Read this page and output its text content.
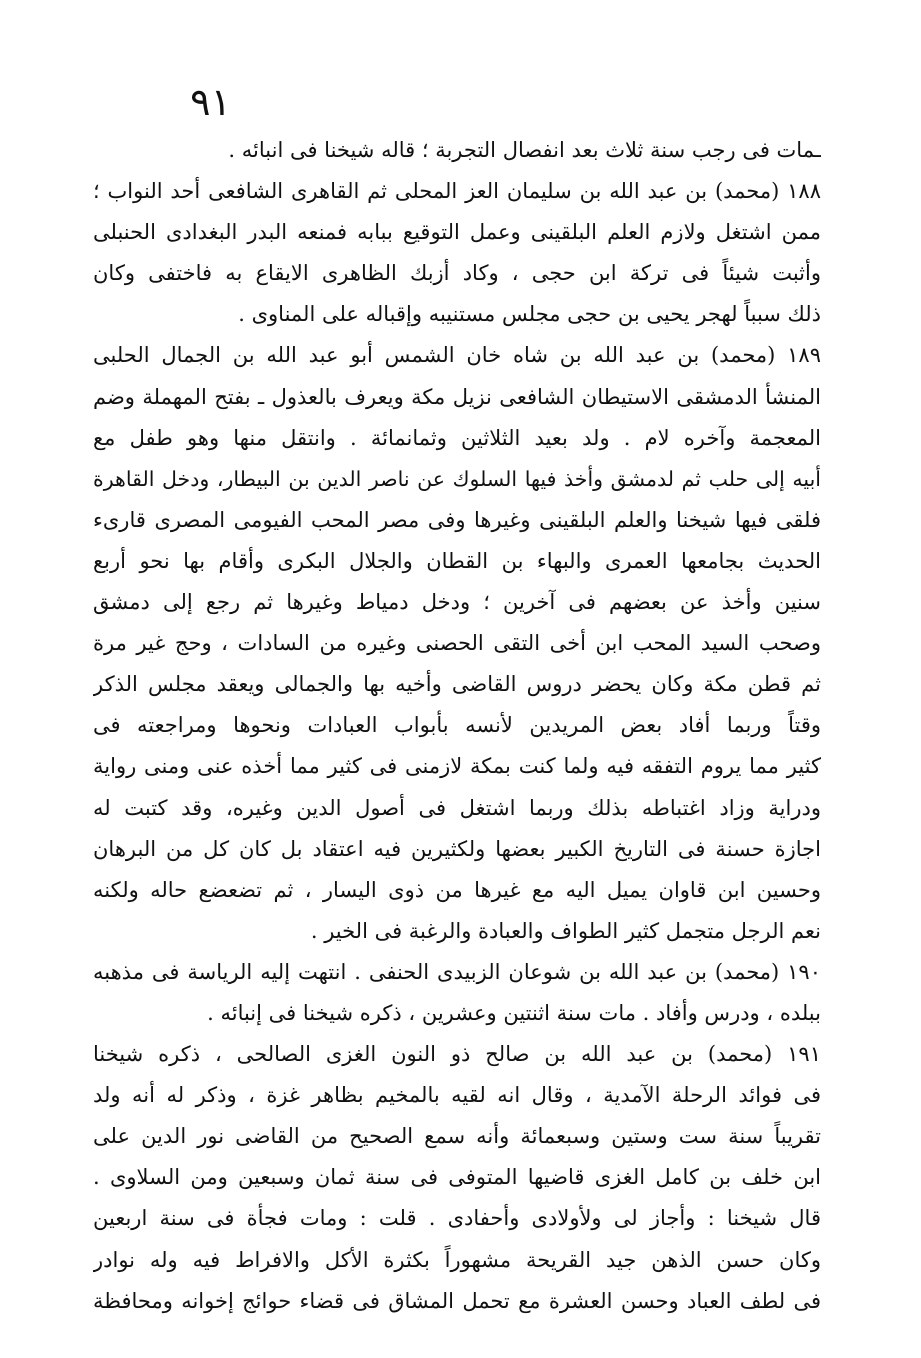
٩١
ـمات فى رجب سنة ثلاث بعد انفصال التجربة ؛ قاله شيخنا فى انبائه .
١٨٨ (محمد) بن عبد الله بن سليمان العز المحلى ثم القاهرى الشافعى أحد النواب ؛
ممن اشتغل ولازم العلم البلقينى وعمل التوقيع ببابه فمنعه البدر البغدادى الحنبلى
وأثبت شيئاً فى تركة ابن حجى ، وكاد أزبك الظاهرى الايقاع به فاختفى وكان
ذلك سبباً لهجر يحيى بن حجى مجلس مستنيبه وإقباله على المناوى .
١٨٩ (محمد) بن عبد الله بن شاه خان الشمس أبو عبد الله بن الجمال الحلبى
المنشأ الدمشقى الاستيطان الشافعى نزيل مكة ويعرف بالعذول ـ بفتح المهملة وضم
المعجمة وآخره لام . ولد بعيد الثلاثين وثمانمائة . وانتقل منها وهو طفل مع
أبيه إلى حلب ثم لدمشق وأخذ فيها السلوك عن ناصر الدين بن البيطار، ودخل القاهرة
فلقى فيها شيخنا والعلم البلقينى وغيرها وفى مصر المحب الفيومى المصرى قارىء
الحديث بجامعها العمرى والبهاء بن القطان والجلال البكرى وأقام بها نحو أربع
سنين وأخذ عن بعضهم فى آخرين ؛ ودخل دمياط وغيرها ثم رجع إلى دمشق
وصحب السيد المحب ابن أخى التقى الحصنى وغيره من السادات ، وحج غير مرة
ثم قطن مكة وكان يحضر دروس القاضى وأخيه بها والجمالى ويعقد مجلس الذكر
وقتاً وربما أفاد بعض المريدين لأنسه بأبواب العبادات ونحوها ومراجعته فى
كثير مما يروم التفقه فيه ولما كنت بمكة لازمنى فى كثير مما أخذه عنى ومنى رواية
ودراية وزاد اغتباطه بذلك وربما اشتغل فى أصول الدين وغيره، وقد كتبت له
اجازة حسنة فى التاريخ الكبير بعضها ولكثيرين فيه اعتقاد بل كان كل من البرهان
وحسين ابن قاوان يميل اليه مع غيرها من ذوى اليسار ، ثم تضعضع حاله ولكنه
نعم الرجل متجمل كثير الطواف والعبادة والرغبة فى الخير .
١٩٠ (محمد) بن عبد الله بن شوعان الزبيدى الحنفى . انتهت إليه الرياسة فى مذهبه
ببلده ، ودرس وأفاد . مات سنة اثنتين وعشرين ، ذكره شيخنا فى إنبائه .
١٩١ (محمد) بن عبد الله بن صالح ذو النون الغزى الصالحى ، ذكره شيخنا
فى فوائد الرحلة الآمدية ، وقال انه لقيه بالمخيم بظاهر غزة ، وذكر له أنه ولد
تقريباً سنة ست وستين وسبعمائة وأنه سمع الصحيح من القاضى نور الدين على
ابن خلف بن كامل الغزى قاضيها المتوفى فى سنة ثمان وسبعين ومن السلاوى .
قال شيخنا : وأجاز لى ولأولادى وأحفادى . قلت : ومات فجأة فى سنة اربعين
وكان حسن الذهن جيد القريحة مشهوراً بكثرة الأكل والافراط فيه وله نوادر
فى لطف العباد وحسن العشرة مع تحمل المشاق فى قضاء حوائج إخوانه ومحافظة
